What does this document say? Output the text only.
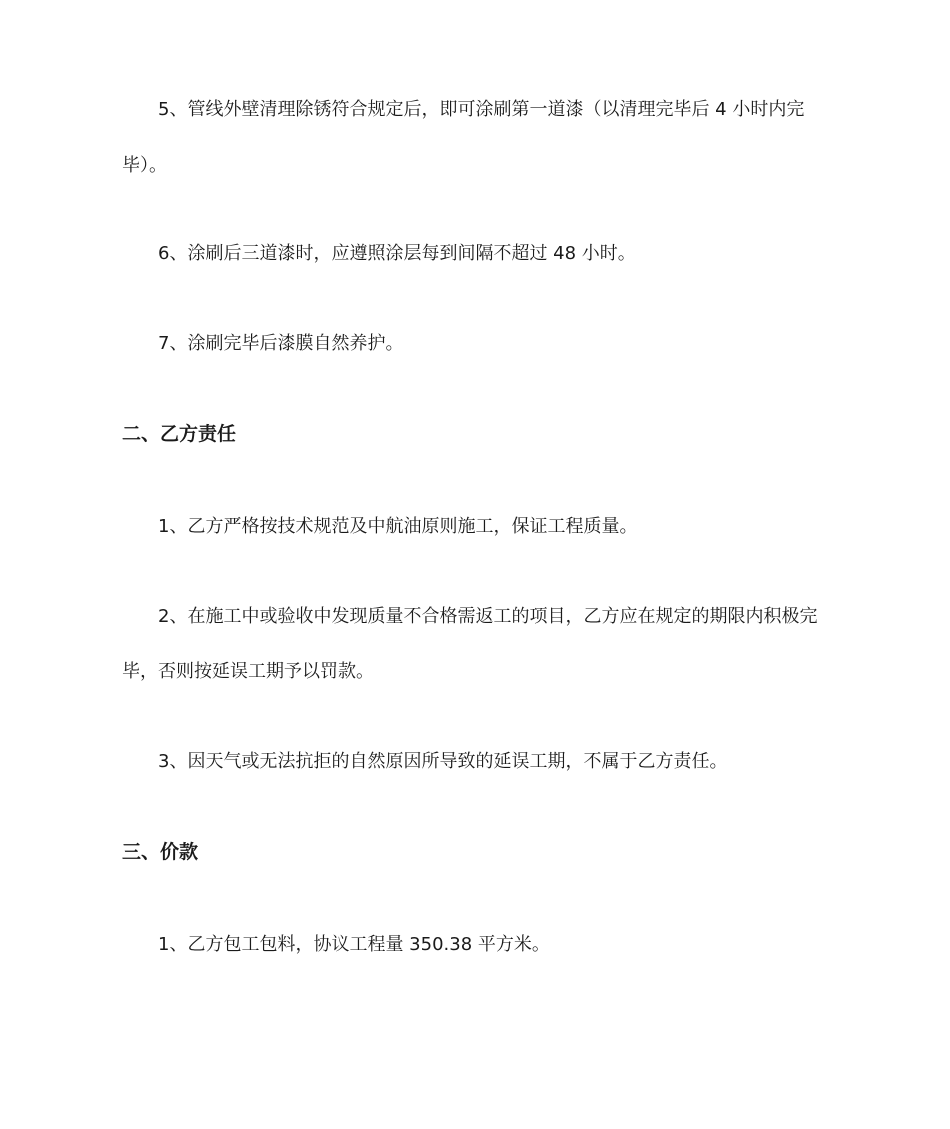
5、管线外壁清理除锈符合规定后，即可涂刷第一道漆（以清理完毕后 4 小时内完
毕）。
6、涂刷后三道漆时，应遵照涂层每到间隔不超过 48 小时。
7、涂刷完毕后漆膜自然养护。
二、乙方责任
1、乙方严格按技术规范及中航油原则施工，保证工程质量。
2、在施工中或验收中发现质量不合格需返工的项目，乙方应在规定的期限内积极完
毕，否则按延误工期予以罚款。
3、因天气或无法抗拒的自然原因所导致的延误工期，不属于乙方责任。
三、价款
1、乙方包工包料，协议工程量 350.38 平方米。
